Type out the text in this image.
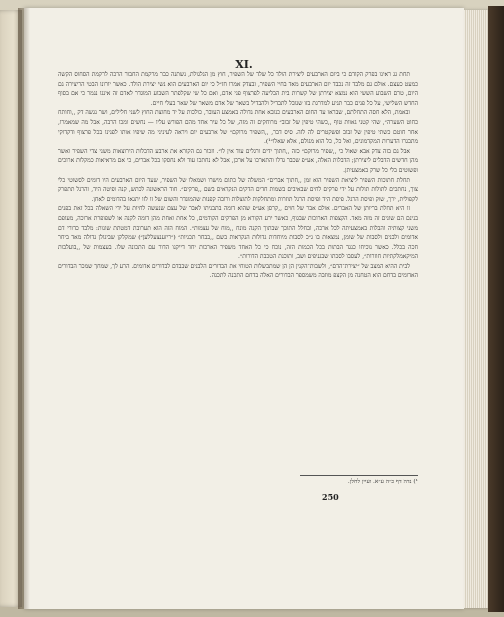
XI.

תחת גג ראינו בפרק הקודם כי ביום הארבעים ליצירת הולד כל שלד של השפיר, חוץ מן הגלגולת, נשתנה כבר מרקמת החבור הרכה לרקמת הסחוס הקשה כמעט כעצם. אולם גם מלבד זה נכבד יום הארבעים מאד בחיי השפיר, ובצדק אמרו חז״ל כי יום הארבעים הוא נשי יצירת הולד. כאשר יורונו הבטי הריצירה גם היום, טרם השבוע הששי הוא נמצא יצירתן של קשרות בית הבליעה לפרצוף פני אדם, ואם כל שי שקלפתר השבוע המוגדר לאדם זה אינגו נגמר כי אם בסוף החדש השלישי, על כל פנים כבר תגיע למדרגת בזו שגובל לתבדיל ולהבדיל בשאר של אדם משאר של שאר בעלי חיים.

ובאמת, הלא חסה התחלתם, שבראו עד החום הארבעים כנובא אחת גדולה באמצע העובר, כולכות על יד מחוצת החוץ לשני חלילים, ושר נגשה דק ,,וחותח כחוט השערה״, שהי קטני גאוות טוף ,,כשהי טיפין של זבוב״ מרוחקים זה מזה, של כל עיר אחד מהם הפורש עליו — נחשים ומכו הרבה, אבל מה שמאמרו, אחר חוטם כשתי טיפין של זבוב ופשקטרים לה לזה. סיס דבר, ,,השפיר מרוקם״ של ארבעים יום ויראה לעיניני מה שיפיו אותו לפנינו בכל פרצוף ודקדוקי מתבגרו הדערות המקדמונים, ואל כל, כל הוא מגולם, אלא שאלו״¹).

אבל גם בזה צדק אבא שאול כי ,,שפיר מרוקם״ כזה ,,חתוך ידים ורגלים עוד אין לו״. וזכור גם הקורא את ארבע הדבלות הירוצאות משני צדי השפיר ואשר מהן חדשים הדבלים ליצירתן; הדבלות האלה, אע״פ שכבר גדלו והתארכו על ארכן, אבל לא נחתכו עוד ולא נחסקו בכל אברים, כי אם מראיאות כמקלות ארוכים ופשוטים בלי כל שרק באמצעיתן.

תחלת חתוכות השפיר ליציאת השפיר הוא זמן ,,חתוך אברים״ המשלה של כתום מישרו ושמאלו של השפיר, שעד היום הארבעים היו דומים לסשוטי כלי צוך, נחתכים לתולות תולות על ידי פרקים לחים שבאיבים בשמות חדים הדקים הנקראים בשם ,,פרקים״. חוד הראשונה לכתש, קנה ופיטה היד, והרגל תתפרק לקפולית, ירך, שוק ופיסת הרגל. פיסת היד ופיסת הרגל תוזרות ומתחלקות לתוצלות ורובה קפנות שהמוגדר והשום של זו לזו יתגאו בהדומים לאחן.

זו היא תחלת בריותן של האברים. אולם אבר של חוים ,,קרסן אע״פ שהוא דומה בתבניתו לאבר של עצם שנעשה לחיות על ידי השאלה בכל זאת בפנים בנינם הם שונים זה מזה מאד. הקצפות הארוכות שבגוף, כאשר ירע הקורא מן הפרקים הקודמים, כל אחת ואחת מהן דומה לקנה או לשפופרת ארוכה, מעופם משני קצותיה והבלות באמצעיתה לכל ארכה, ובחלל התוכך שבתוך הקנה מונח ,,מוח של עצמות״. המוח הזה הוא תערובת דמטתת שונות: מלבד כדורי דם אדומים ולבנים ולסבות של שומן, נמצאות בו ג״כ לסבות מיוחדות גדולות הנקראות בשם ,,בבחר תכניות״ (״ריזענצעללען״) שמקלקן שביגולן גדולה מאד ביחר חכה בכלל. כאשר נוכיחו כנגד הבתות בכל הכמות הזה, נוכח כי כל האחד משפיר הארכות יחד דייקנו הדור עם התכונה שלו. בעצמות של ,,בועלבות המיקאמלקתיות חוזרות״, לעסבו לסכתו שבגניפים ושב, ותוכנת הטכבת הדורות״.

לבית ההיא המצב של ״יצירת־הדם״, ולשבות־הקנין הן הן שמתבשלות הטוחי את הבדורים הלבנים שבבדם לבדורים אדומים. הרע לך, שמחך שמכר הבדורים האדומים בדחם הוא הטחנה מן הקצפ מוזבה משמספר הבדורים האלה בדחם התכנה לתכנה.

¹) נדה דף כ״ה ע״א. ועיין לחלן.
250
